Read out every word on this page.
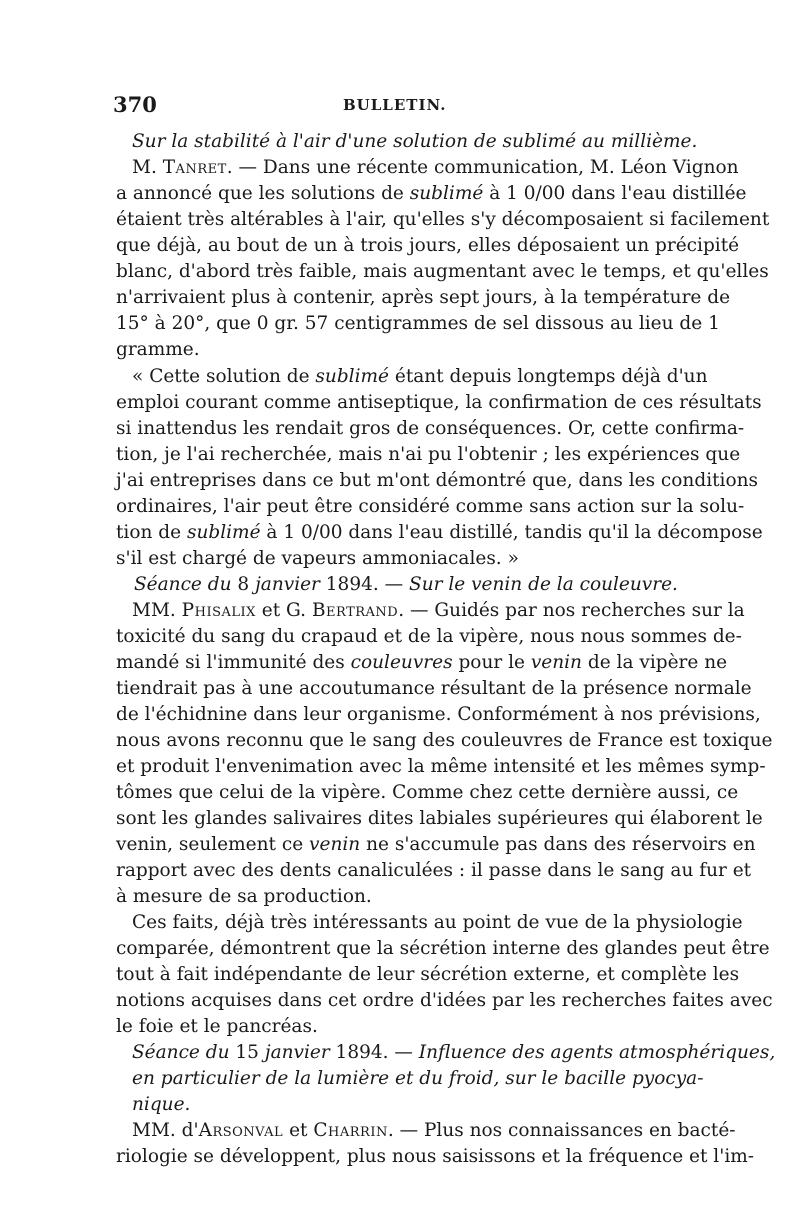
370	BULLETIN.
Sur la stabilité à l'air d'une solution de sublimé au millième.
M. Tanret. — Dans une récente communication, M. Léon Vignon
a annoncé que les solutions de sublimé à 1 0/00 dans l'eau distillée
étaient très altérables à l'air, qu'elles s'y décomposaient si facilement
que déjà, au bout de un à trois jours, elles déposaient un précipité
blanc, d'abord très faible, mais augmentant avec le temps, et qu'elles
n'arrivaient plus à contenir, après sept jours, à la température de
15° à 20°, que 0 gr. 57 centigrammes de sel dissous au lieu de 1
gramme.
« Cette solution de sublimé étant depuis longtemps déjà d'un
emploi courant comme antiseptique, la confirmation de ces résultats
si inattendus les rendait gros de conséquences. Or, cette confirma-
tion, je l'ai recherchée, mais n'ai pu l'obtenir ; les expériences que
j'ai entreprises dans ce but m'ont démontré que, dans les conditions
ordinaires, l'air peut être considéré comme sans action sur la solu-
tion de sublimé à 1 0/00 dans l'eau distillé, tandis qu'il la décompose
s'il est chargé de vapeurs ammoniacales. »
Séance du 8 janvier 1894. — Sur le venin de la couleuvre.
MM. Phisalix et G. Bertrand. — Guidés par nos recherches sur la
toxicité du sang du crapaud et de la vipère, nous nous sommes de-
mandé si l'immunité des couleuvres pour le venin de la vipère ne
tiendrait pas à une accoutumance résultant de la présence normale
de l'échidnine dans leur organisme. Conformément à nos prévisions,
nous avons reconnu que le sang des couleuvres de France est toxique
et produit l'envenimation avec la même intensité et les mêmes symp-
tômes que celui de la vipère. Comme chez cette dernière aussi, ce
sont les glandes salivaires dites labiales supérieures qui élaborent le
venin, seulement ce venin ne s'accumule pas dans des réservoirs en
rapport avec des dents canaliculées : il passe dans le sang au fur et
à mesure de sa production.
Ces faits, déjà très intéressants au point de vue de la physiologie
comparée, démontrent que la sécrétion interne des glandes peut être
tout à fait indépendante de leur sécrétion externe, et complète les
notions acquises dans cet ordre d'idées par les recherches faites avec
le foie et le pancréas.
Séance du 15 janvier 1894. — Influence des agents atmosphériques,
en particulier de la lumière et du froid, sur le bacille pyocya-
nique.
MM. d'Arsonval et Charrin. — Plus nos connaissances en bacté-
riologie se développent, plus nous saisissons et la fréquence et l'im-
